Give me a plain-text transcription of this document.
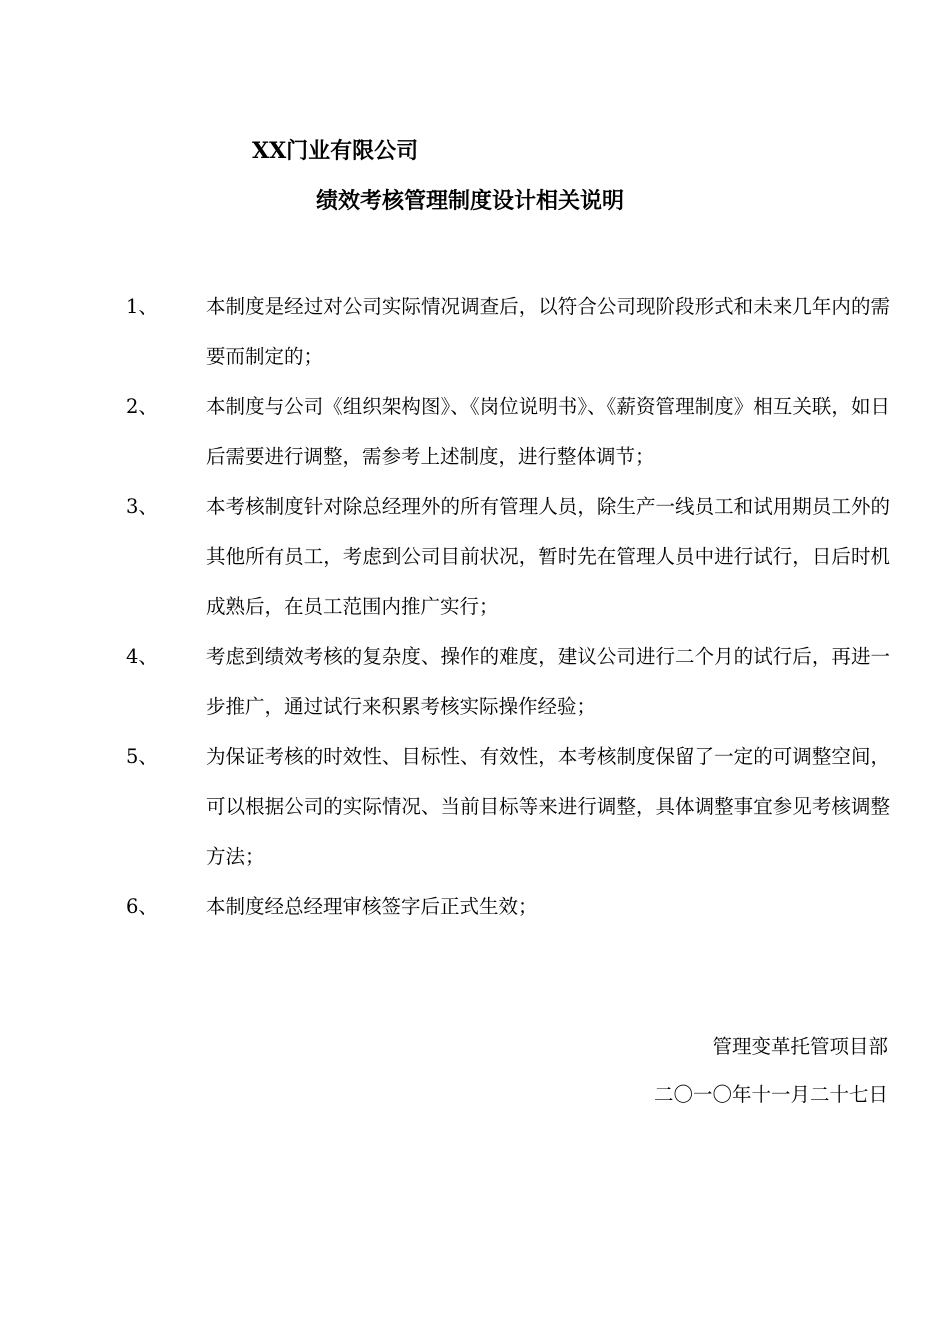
XX门业有限公司
绩效考核管理制度设计相关说明
1、	本制度是经过对公司实际情况调查后，以符合公司现阶段形式和未来几年内的需要而制定的；
2、	本制度与公司《组织架构图》、《岗位说明书》、《薪资管理制度》相互关联，如日后需要进行调整，需参考上述制度，进行整体调节；
3、	本考核制度针对除总经理外的所有管理人员，除生产一线员工和试用期员工外的其他所有员工，考虑到公司目前状况，暂时先在管理人员中进行试行，日后时机成熟后，在员工范围内推广实行；
4、	考虑到绩效考核的复杂度、操作的难度，建议公司进行二个月的试行后，再进一步推广，通过试行来积累考核实际操作经验；
5、	为保证考核的时效性、目标性、有效性，本考核制度保留了一定的可调整空间，可以根据公司的实际情况、当前目标等来进行调整，具体调整事宜参见考核调整方法；
6、	本制度经总经理审核签字后正式生效；
管理变革托管项目部
二〇一〇年十一月二十七日
